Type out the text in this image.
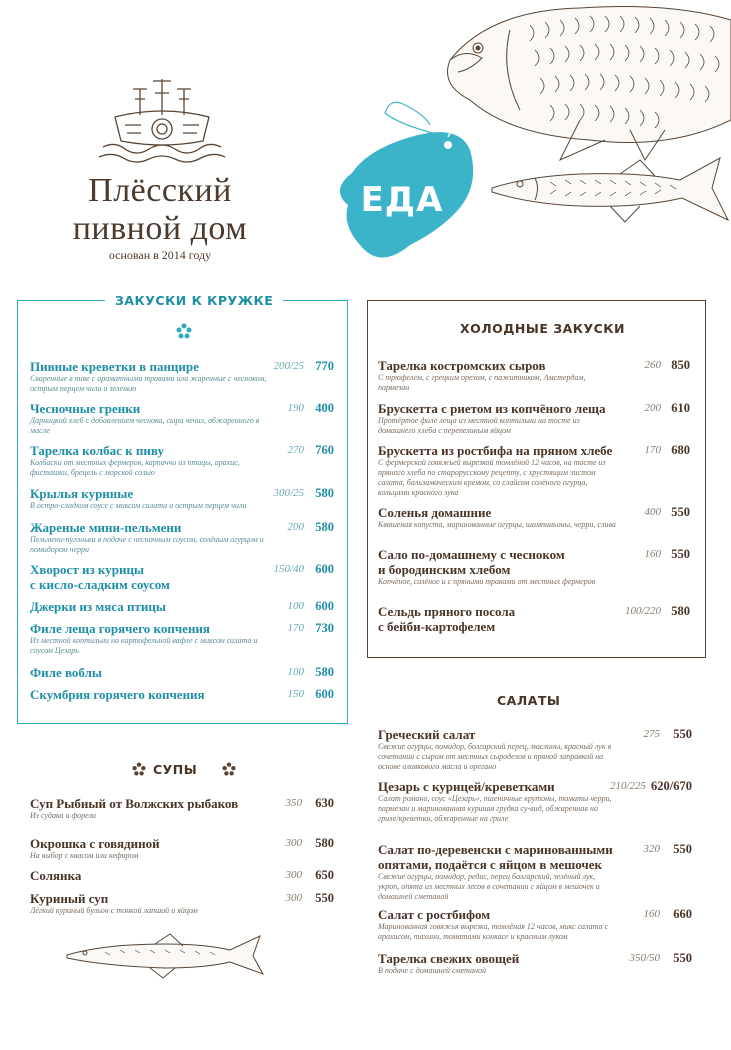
ЕДА
Плёсский
пивной дом
основан в 2014 году
ЗАКУСКИ К КРУЖКЕ
ХОЛОДНЫЕ ЗАКУСКИ
СУПЫ
САЛАТЫ
Пивные креветки в панцире
Сваренные в пиве с ароматными травами или жаренные с чесноком, острым перцем чили и зеленью
200/25 770
Чесночные гренки
Дарницкий хлеб с добавлением чеснока, сыра чечил, обжаренного в масле
190 400
Тарелка колбас к пиву
Колбаски от местных фермеров, карпаччо из птицы, арахис, фисташки, брецель с морской солью
270 760
Крылья куриные
В остро-сладком соусе с миксом салата и острым перцем чили
300/25 580
Жареные мини-пельмени
Пельмени-пугоньки в подаче с чесночным соусом, солёным огурцом и помидором черри
200 580
Хворост из курицы
с кисло-сладким соусом
150/40 600
Джерки из мяса птицы	100 600
Филе леща горячего копчения
Из местной коптильни на картофельной вафле с миксом салата и соусом Цезарь
170 730
Филе воблы	100 580
Скумбрия горячего копчения	150 600
Суп Рыбный от Волжских рыбаков
Из судака и форели
350	630
Окрошка с говядиной
На выбор с квасом или кефиром
300	580
Солянка	300	650
Куриный суп
Лёгкий куриный бульон с тонкой лапшой и яйцом
300	550
Тарелка костромских сыров
С трюфелем, с грецким орехом, с пажитником, Амстердам, пармезан
260 850
Брускетта с риетом из копчёного леща
Протёртое филе леща из местной коптильни на тосте из домашнего хлеба с перепелиным яйцом
200 610
Брускетта из ростбифа на пряном хлебе
С фермерской говяжьей вырезкой томлёной 12 часов, на тосте из пряного хлеба по старорусскому рецепту, с хрустящим листом салата, бальзамическим кремом, со слайсом солёного огурца, кольцами красного лука
170 680
Соленья домашние
Квашеная капуста, маринованные огурцы, шампиньоны, черри, слива
400 550
Сало по-домашнему с чесноком
и бородинским хлебом
Копчёное, солёное и с пряными травами от местных фермеров
160 550
Сельдь пряного посола
с бейби-картофелем
100/220 580
Греческий салат
Свежие огурцы, помидор, болгарский перец, маслины, красный лук в сочетании с сыром от местных сыроделов и пряной заправкой на основе оливкового масла и орегано
275	550
Цезарь с курицей/креветками
Салат романо, соус «Цезарь», пшеничные крутоны, томаты черри, пармезан и маринованная куриная грудка су-вид, обжаренная на гриле/креветки, обжаренные на гриле
210/225 620/670
Салат по-деревенски с маринованными
опятами, подаётся с яйцом в мешочек
Свежие огурцы, помидор, редис, перец болгарский, зелёный лук, укроп, опята из местных лесов в сочетании с яйцом в мешочек и домашней сметаной
320	550
Салат с ростбифом
Маринованная говяжья вырезка, томлёная 12 часов, микс салата с арахисом, тахини, томатами конкасе и красным луком
160	660
Тарелка свежих овощей
В подаче с домашней сметаной
350/50	550
